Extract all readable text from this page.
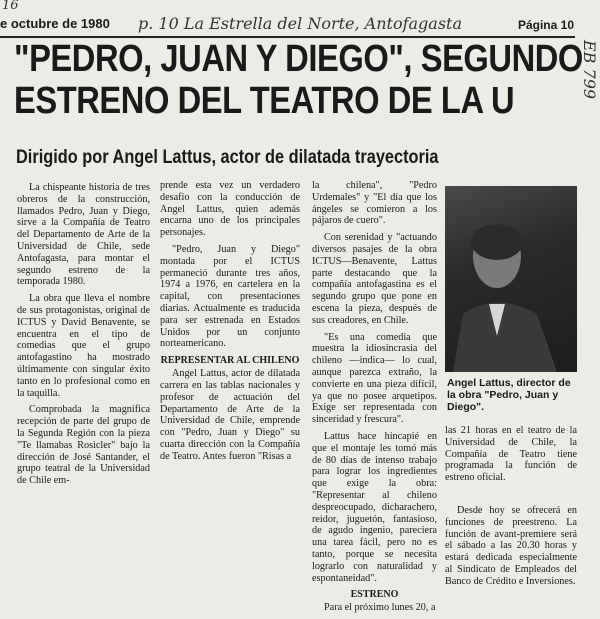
e octubre de 1980 p. 10 La Estrella del Norte, Antofagasta	Página 10
16
EB 799
"PEDRO, JUAN Y DIEGO", SEGUNDO
ESTRENO DEL TEATRO DE LA U
Dirigido por Angel Lattus, actor de dilatada trayectoria

La chispeante historia de tres obreros de la construcción, llamados Pedro, Juan y Diego, sirve a la Compañía de Teatro del Departamento de Arte de la Universidad de Chile, sede Antofagasta, para montar el segundo estreno de la temporada 1980.

La obra que lleva el nombre de sus protagonistas, original de ICTUS y David Benavente, se encuentra en el tipo de comedias que el grupo antofagastino ha mostrado últimamente con singular éxito tanto en lo profesional como en la taquilla.

Comprobada la magnífica recepción de parte del grupo de la Segunda Región con la pieza "Te llamabas Rosicler" bajo la dirección de José Santander, el grupo teatral de la Universidad de Chile em-

prende esta vez un verdadero desafío con la conducción de Angel Lattus, quien además encarna uno de los principales personajes.

"Pedro, Juan y Diego" montada por el ICTUS permaneció durante tres años, 1974 a 1976, en cartelera en la capital, con presentaciones diarias. Actualmente es traducida para ser estrenada en Estados Unidos por un conjunto norteamericano.

REPRESENTAR AL CHILENO

Angel Lattus, actor de dilatada carrera en las tablas nacionales y profesor de actuación del Departamento de Arte de la Universidad de Chile, emprende con "Pedro, Juan y Diego" su cuarta dirección con la Compañía de Teatro. Antes fueron "Risas a

la chilena", "Pedro Urdemales" y "El día que los ángeles se comieron a los pájaros de cuero".

Con serenidad y "actuando diversos pasajes de la obra ICTUS—Benavente, Lattus parte destacando que la compañía antofagastina es el segundo grupo que pone en escena la pieza, después de sus creadores, en Chile.

"Es una comedia que muestra la idiosincrasia del chileno —indica— lo cual, aunque parezca extraño, la convierte en una pieza difícil, ya que no posee arquetipos. Exige ser representada con sinceridad y frescura".

Lattus hace hincapié en que el montaje les tomó más de 80 días de intenso trabajo para lograr los ingredientes que exige la obra: "Representar al chileno despreocupado, dicharachero, reidor, juguetón, fantasioso, de agudo ingenio, pareciera una tarea fácil, pero no es tanto, porque se necesita lograrlo con naturalidad y espontaneidad".

ESTRENO

Para el próximo lunes 20, a

Angel Lattus, director de la obra "Pedro, Juan y Diego".

las 21 horas en el teatro de la Universidad de Chile, la Compañía de Teatro tiene programada la función de estreno oficial.

Desde hoy se ofrecerá en funciones de preestreno. La función de avant-premiere será el sábado a las 20.30 horas y estará dedicada especialmente al Sindicato de Empleados del Banco de Crédito e Inversiones.
